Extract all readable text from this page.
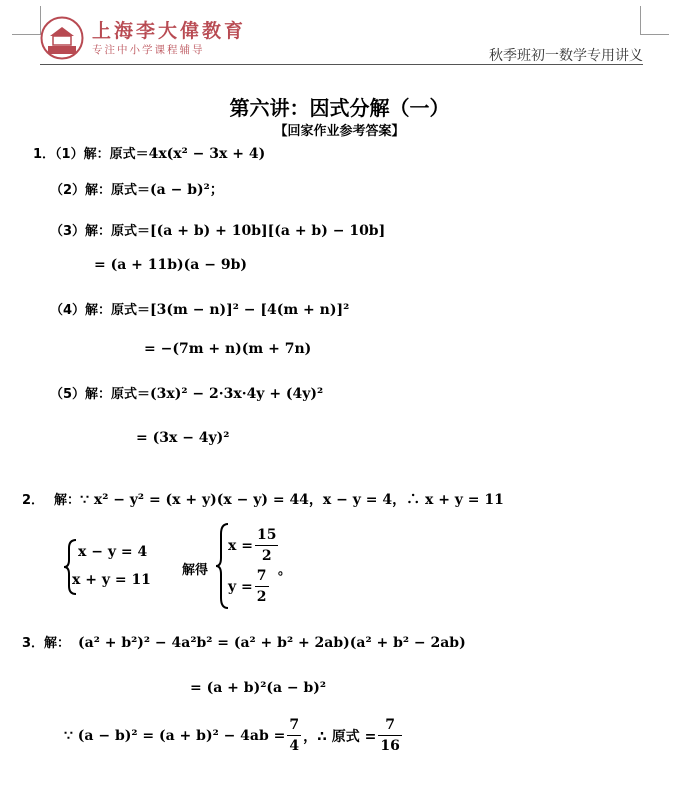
上海李大偉教育
专注中小学课程辅导	秋季班初一数学专用讲义
第六讲：因式分解（一）
【回家作业参考答案】
1．（1）解：原式＝4x(x² − 3x + 4)
（2）解：原式＝(a − b)²；
（3）解：原式＝[(a + b) + 10b][(a + b) − 10b]
= (a + 11b)(a − 9b)
（4）解：原式＝[3(m − n)]² − [4(m + n)]²
= −(7m + n)(m + 7n)
（5）解：原式＝(3x)² − 2·3x·4y + (4y)²
= (3x − 4y)²
2． 解：∵ x² − y² = (x + y)(x − y) = 44，x − y = 4，∴ x + y = 11
x − y = 4
x + y = 11
解得
$x = \frac{15}{2}$
$y = \frac{7}{2}$ 。
3．解： (a² + b²)² − 4a²b² = (a² + b² + 2ab)(a² + b² − 2ab)
= (a + b)²(a − b)²
∵ $(a - b)^2 = (a + b)^2 - 4ab = \frac{7}{4}$ ，∴ 原式 = $\frac{7}{16}$
